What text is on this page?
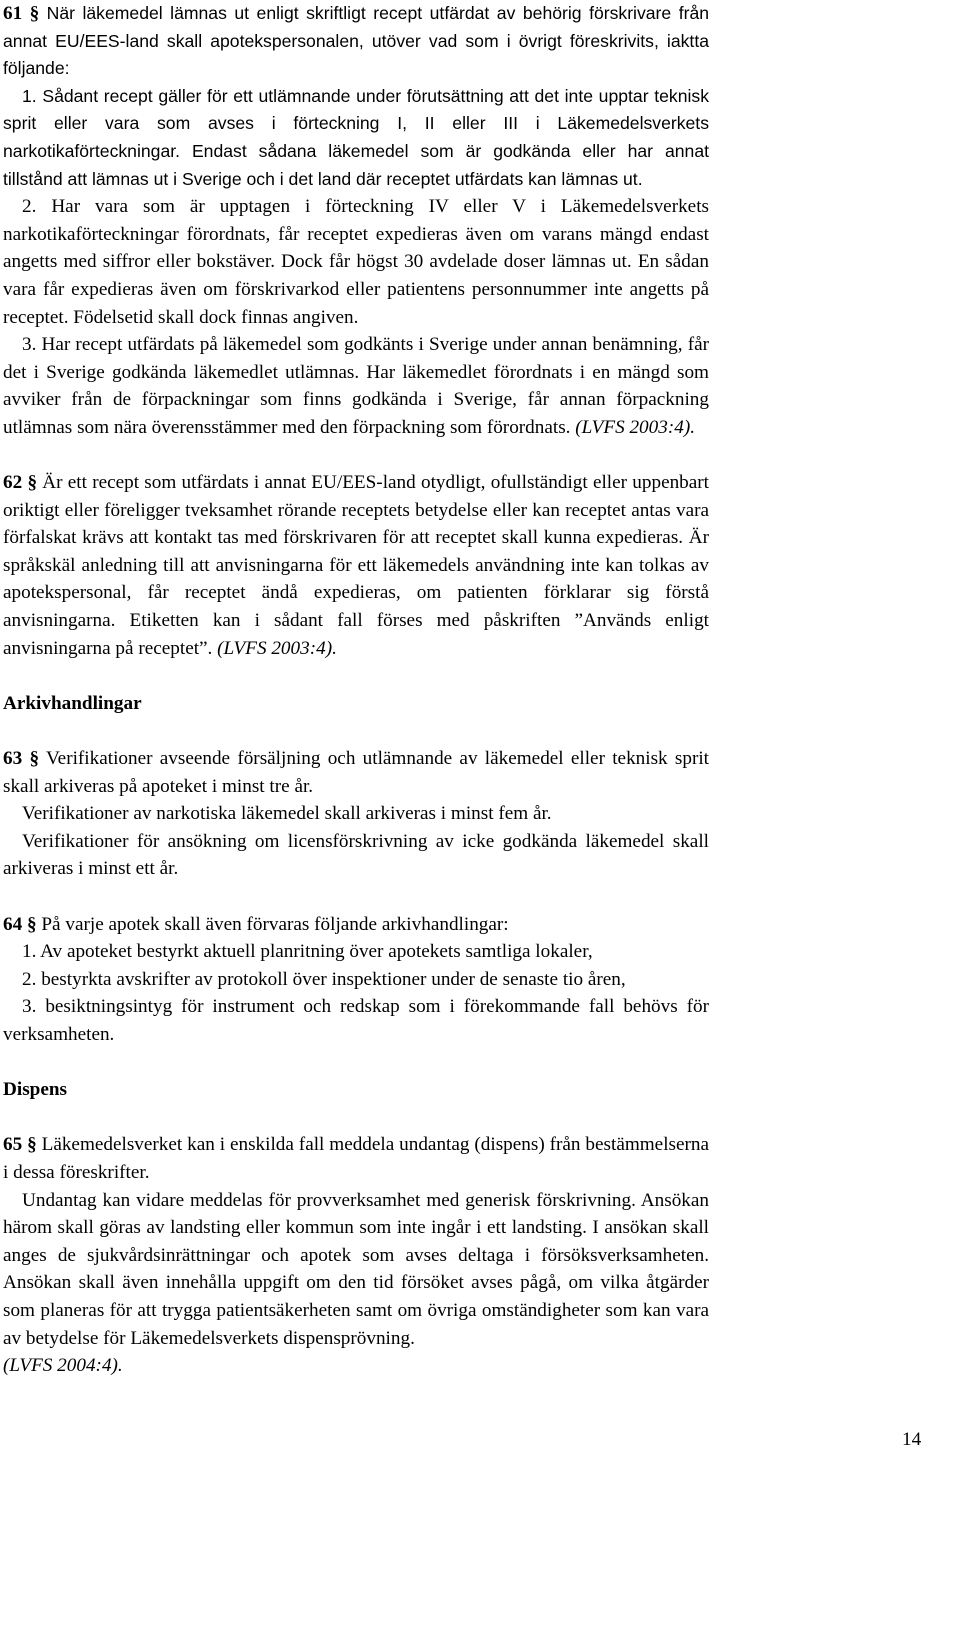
61 § När läkemedel lämnas ut enligt skriftligt recept utfärdat av behörig förskrivare från annat EU/EES-land skall apotekspersonalen, utöver vad som i övrigt föreskrivits, iaktta följande:

1. Sådant recept gäller för ett utlämnande under förutsättning att det inte upptar teknisk sprit eller vara som avses i förteckning I, II eller III i Läkemedelsverkets narkotikaförteckningar. Endast sådana läkemedel som är godkända eller har annat tillstånd att lämnas ut i Sverige och i det land där receptet utfärdats kan lämnas ut.

2. Har vara som är upptagen i förteckning IV eller V i Läkemedelsverkets narkotikaförteckningar förordnats, får receptet expedieras även om varans mängd endast angetts med siffror eller bokstäver. Dock får högst 30 avdelade doser lämnas ut. En sådan vara får expedieras även om förskrivarkod eller patientens personnummer inte angetts på receptet. Födelsetid skall dock finnas angiven.

3. Har recept utfärdats på läkemedel som godkänts i Sverige under annan benämning, får det i Sverige godkända läkemedlet utlämnas. Har läkemedlet förordnats i en mängd som avviker från de förpackningar som finns godkända i Sverige, får annan förpackning utlämnas som nära överensstämmer med den förpackning som förordnats. (LVFS 2003:4).

62 § Är ett recept som utfärdats i annat EU/EES-land otydligt, ofullständigt eller uppenbart oriktigt eller föreligger tveksamhet rörande receptets betydelse eller kan receptet antas vara förfalskat krävs att kontakt tas med förskrivaren för att receptet skall kunna expedieras. Är språkskäl anledning till att anvisningarna för ett läkemedels användning inte kan tolkas av apotekspersonal, får receptet ändå expedieras, om patienten förklarar sig förstå anvisningarna. Etiketten kan i sådant fall förses med påskriften ”Används enligt anvisningarna på receptet”. (LVFS 2003:4).

Arkivhandlingar

63 § Verifikationer avseende försäljning och utlämnande av läkemedel eller teknisk sprit skall arkiveras på apoteket i minst tre år.

Verifikationer av narkotiska läkemedel skall arkiveras i minst fem år.

Verifikationer för ansökning om licensförskrivning av icke godkända läkemedel skall arkiveras i minst ett år.

64 § På varje apotek skall även förvaras följande arkivhandlingar:

1. Av apoteket bestyrkt aktuell planritning över apotekets samtliga lokaler,

2. bestyrkta avskrifter av protokoll över inspektioner under de senaste tio åren,

3. besiktningsintyg för instrument och redskap som i förekommande fall behövs för verksamheten.

Dispens

65 § Läkemedelsverket kan i enskilda fall meddela undantag (dispens) från bestämmelserna i dessa föreskrifter.

Undantag kan vidare meddelas för provverksamhet med generisk förskrivning. Ansökan härom skall göras av landsting eller kommun som inte ingår i ett landsting. I ansökan skall anges de sjukvårdsinrättningar och apotek som avses deltaga i försöksverksamheten. Ansökan skall även innehålla uppgift om den tid försöket avses pågå, om vilka åtgärder som planeras för att trygga patientsäkerheten samt om övriga omständigheter som kan vara av betydelse för Läkemedelsverkets dispensprövning.

(LVFS 2004:4).

14
